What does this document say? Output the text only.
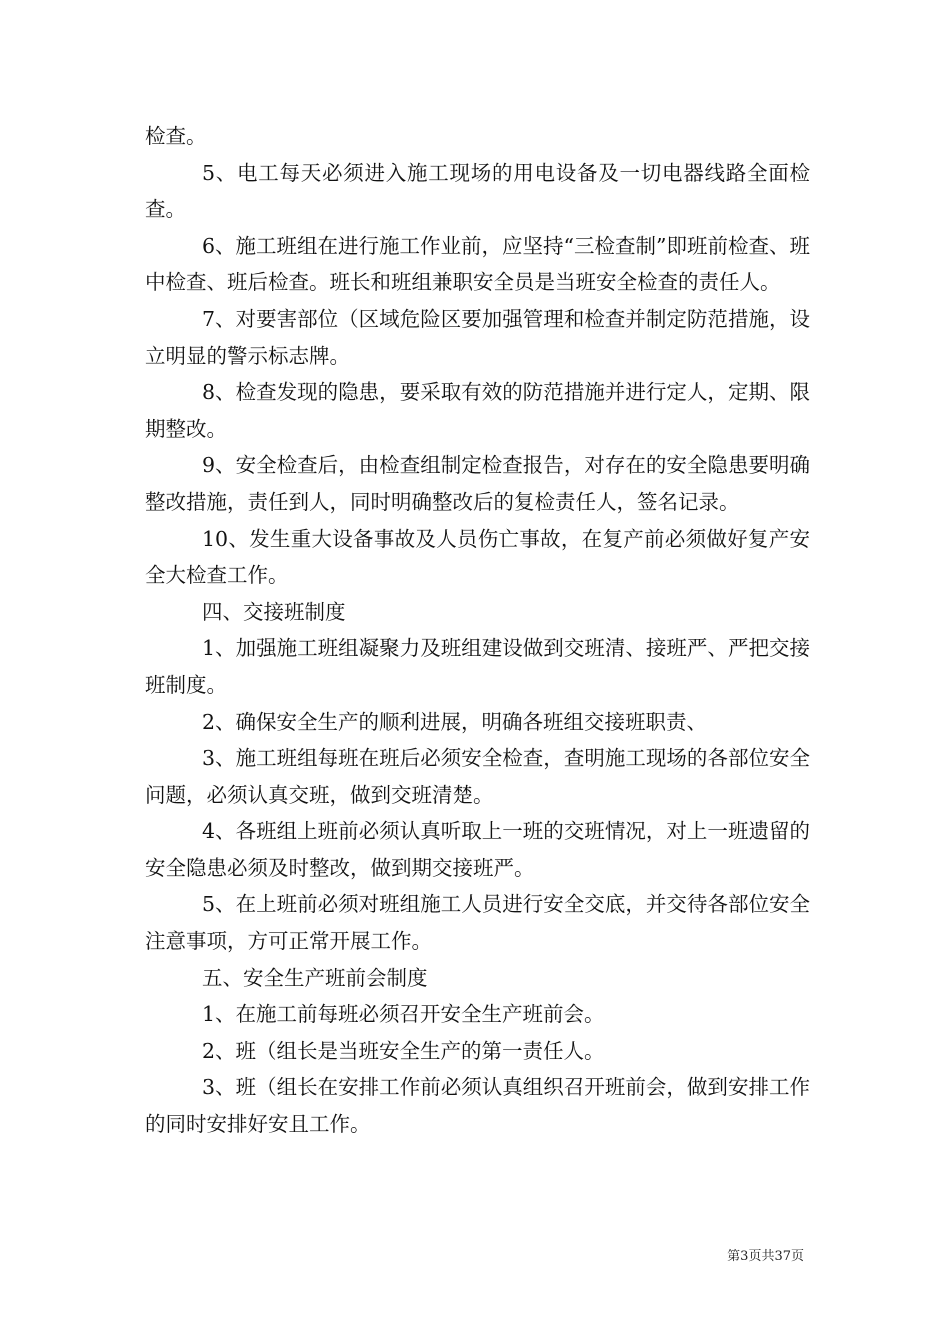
检查。

5、电工每天必须进入施工现场的用电设备及一切电器线路全面检查。

6、施工班组在进行施工作业前，应坚持“三检查制”即班前检查、班中检查、班后检查。班长和班组兼职安全员是当班安全检查的责任人。

7、对要害部位（区域危险区要加强管理和检查并制定防范措施，设立明显的警示标志牌。

8、检查发现的隐患，要采取有效的防范措施并进行定人，定期、限期整改。

9、安全检查后，由检查组制定检查报告，对存在的安全隐患要明确整改措施，责任到人，同时明确整改后的复检责任人，签名记录。

10、发生重大设备事故及人员伤亡事故，在复产前必须做好复产安全大检查工作。

四、交接班制度

1、加强施工班组凝聚力及班组建设做到交班清、接班严、严把交接班制度。

2、确保安全生产的顺利进展，明确各班组交接班职责、

3、施工班组每班在班后必须安全检查，查明施工现场的各部位安全问题，必须认真交班，做到交班清楚。

4、各班组上班前必须认真听取上一班的交班情况，对上一班遗留的安全隐患必须及时整改，做到期交接班严。

5、在上班前必须对班组施工人员进行安全交底，并交待各部位安全注意事项，方可正常开展工作。

五、安全生产班前会制度

1、在施工前每班必须召开安全生产班前会。

2、班（组长是当班安全生产的第一责任人。

3、班（组长在安排工作前必须认真组织召开班前会，做到安排工作的同时安排好安且工作。

第3页共37页
